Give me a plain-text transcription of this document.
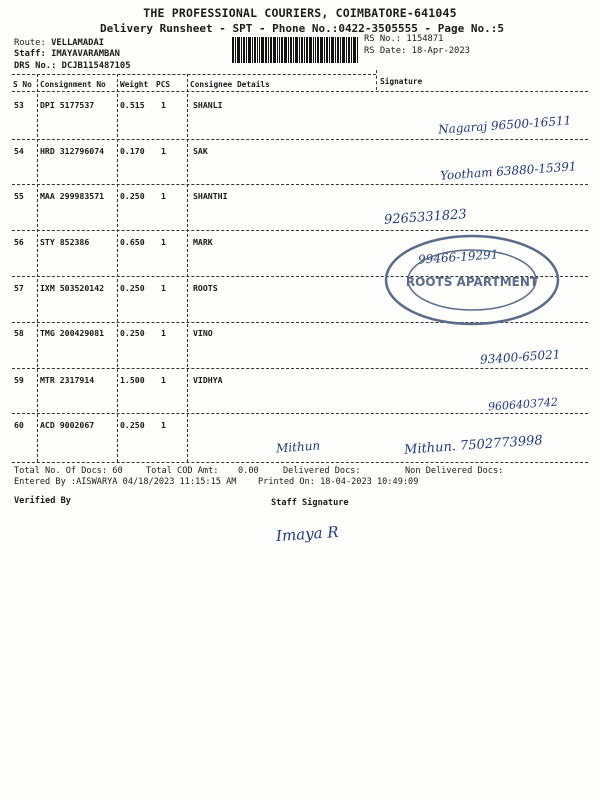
THE PROFESSIONAL COURIERS, COIMBATORE-641045
Delivery Runsheet - SPT - Phone No.:0422-3505555 - Page No.:5
Route: VELLAMADAI
Staff: IMAYAVARAMBAN
DRS No.: DCJB115487105
RS No.: 1154871
RS Date: 18-Apr-2023
S No Consignment No Weight PCS	Consignee Details	Signature
53 DPI 5177537	0.515 1	SHANLI
Nagaraj 96500-16511
54 HRD 312796074 0.170 1	SAK
Yootham 63880-15391
55 MAA 299983571 0.250 1	SHANTHI
9265331823
56 STY 852386	0.650 1	MARK
99466-19291
ROOTS APARTMENT
57 IXM 503520142 0.250 1	ROOTS
58 TMG 200429081 0.250 1	VINO
93400-65021
59 MTR 2317914	1.500 1	VIDHYA
9606403742
60 ACD 9002067	0.250 1
Mithun	Mithun. 7502773998
Total No. Of Docs: 60	Total COD Amt: 0.00	Delivered Docs:	Non Delivered Docs:
Entered By :AISWARYA 04/18/2023 11:15:15 AM	Printed On: 18-04-2023 10:49:09
Verified By	Staff Signature
Imaya R
